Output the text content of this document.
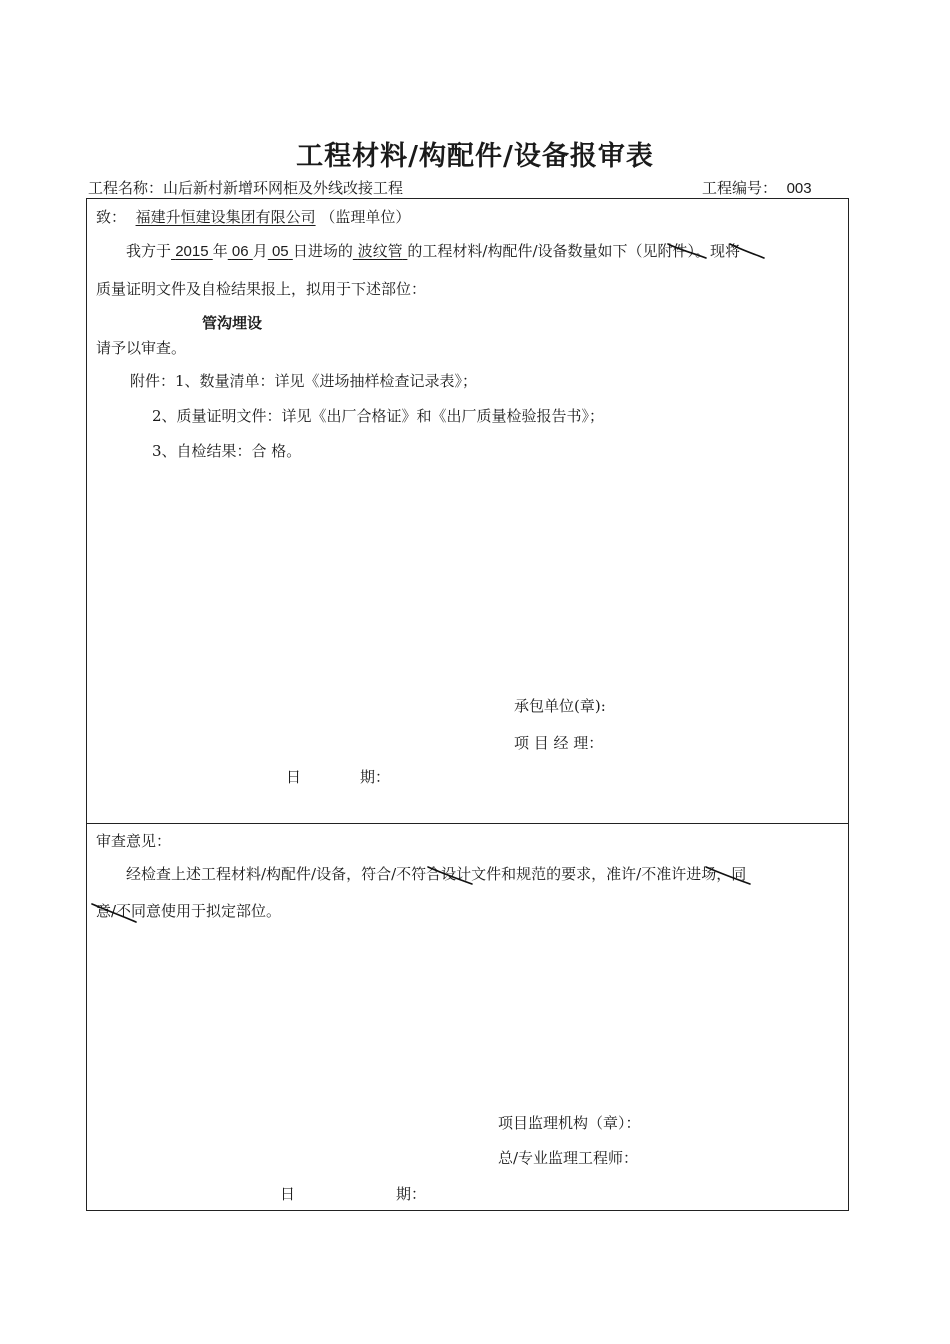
工程材料/构配件/设备报审表
工程名称：山后新村新增环网柜及外线改接工程	工程编号： 003
致： 福建升恒建设集团有限公司 （监理单位）
我方于 2015 年 06 月 05 日进场的 波纹管 的工程材料/构配件/设备数量如下（见附件）。现将
质量证明文件及自检结果报上，拟用于下述部位：
管沟埋设
请予以审查。
附件：1、数量清单：详见《进场抽样检查记录表》；
2、质量证明文件：详见《出厂合格证》和《出厂质量检验报告书》；
3、自检结果：合 格。
承包单位(章):
项 目 经 理：
日	期：
审查意见：
经检查上述工程材料/构配件/设备，符合/不符合设计文件和规范的要求，准许/不准许进场，同
意/不同意使用于拟定部位。
项目监理机构（章）：
总/专业监理工程师：
日	期：
